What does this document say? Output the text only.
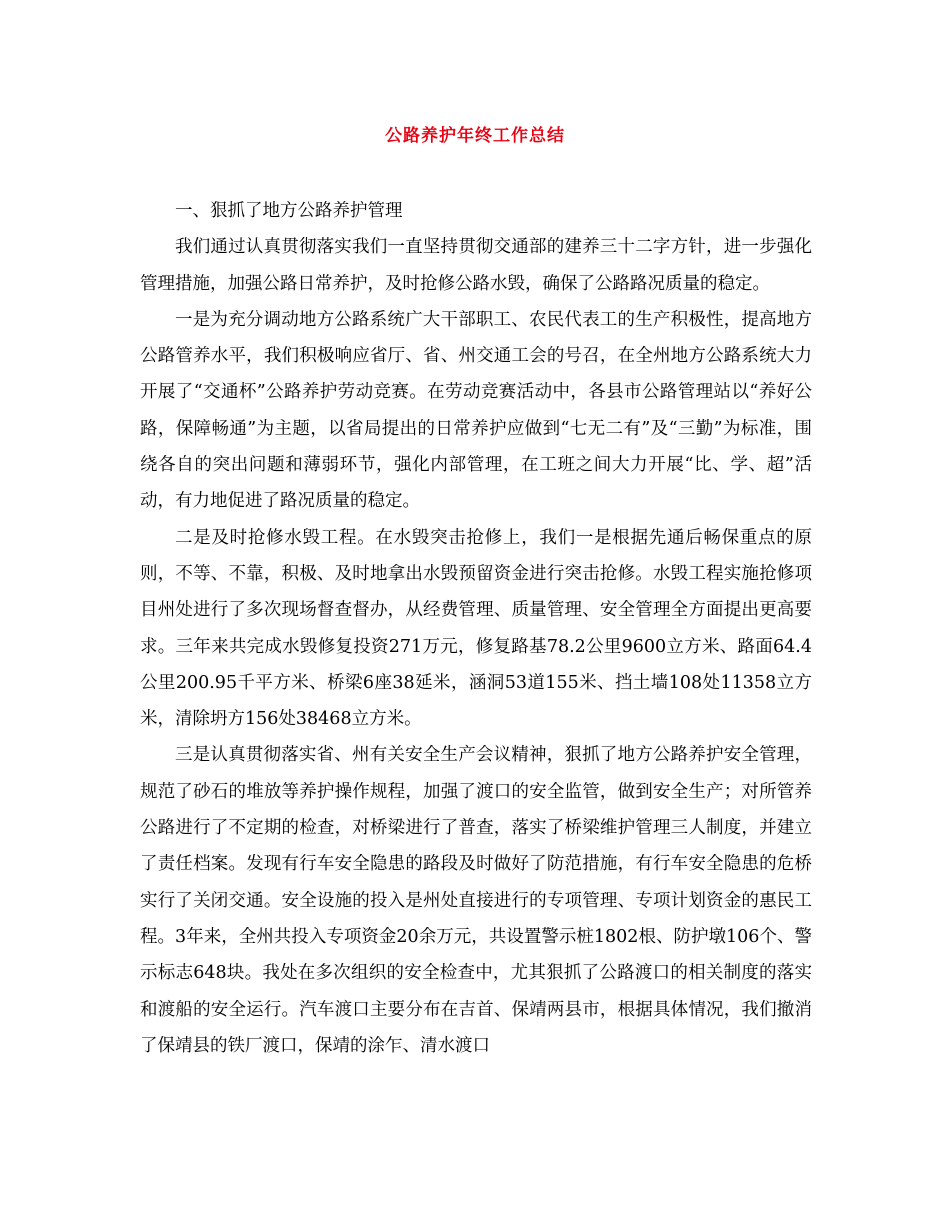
公路养护年终工作总结

一、狠抓了地方公路养护管理

我们通过认真贯彻落实我们一直坚持贯彻交通部的建养三十二字方针，进一步强化管理措施，加强公路日常养护，及时抢修公路水毁，确保了公路路况质量的稳定。

一是为充分调动地方公路系统广大干部职工、农民代表工的生产积极性，提高地方公路管养水平，我们积极响应省厅、省、州交通工会的号召，在全州地方公路系统大力开展了“交通杯”公路养护劳动竞赛。在劳动竞赛活动中，各县市公路管理站以“养好公路，保障畅通”为主题，以省局提出的日常养护应做到“七无二有”及“三勤”为标准，围绕各自的突出问题和薄弱环节，强化内部管理，在工班之间大力开展“比、学、超”活动，有力地促进了路况质量的稳定。

二是及时抢修水毁工程。在水毁突击抢修上，我们一是根据先通后畅保重点的原则，不等、不靠，积极、及时地拿出水毁预留资金进行突击抢修。水毁工程实施抢修项目州处进行了多次现场督查督办，从经费管理、质量管理、安全管理全方面提出更高要求。三年来共完成水毁修复投资271万元，修复路基78.2公里9600立方米、路面64.4公里200.95千平方米、桥梁6座38延米，涵洞53道155米、挡土墙108处11358立方米，清除坍方156处38468立方米。

三是认真贯彻落实省、州有关安全生产会议精神，狠抓了地方公路养护安全管理，规范了砂石的堆放等养护操作规程，加强了渡口的安全监管，做到安全生产；对所管养公路进行了不定期的检查，对桥梁进行了普查，落实了桥梁维护管理三人制度，并建立了责任档案。发现有行车安全隐患的路段及时做好了防范措施，有行车安全隐患的危桥实行了关闭交通。安全设施的投入是州处直接进行的专项管理、专项计划资金的惠民工程。3年来，全州共投入专项资金20余万元，共设置警示桩1802根、防护墩106个、警示标志648块。我处在多次组织的安全检查中，尤其狠抓了公路渡口的相关制度的落实和渡船的安全运行。汽车渡口主要分布在吉首、保靖两县市，根据具体情况，我们撤消了保靖县的铁厂渡口，保靖的涂乍、清水渡口
